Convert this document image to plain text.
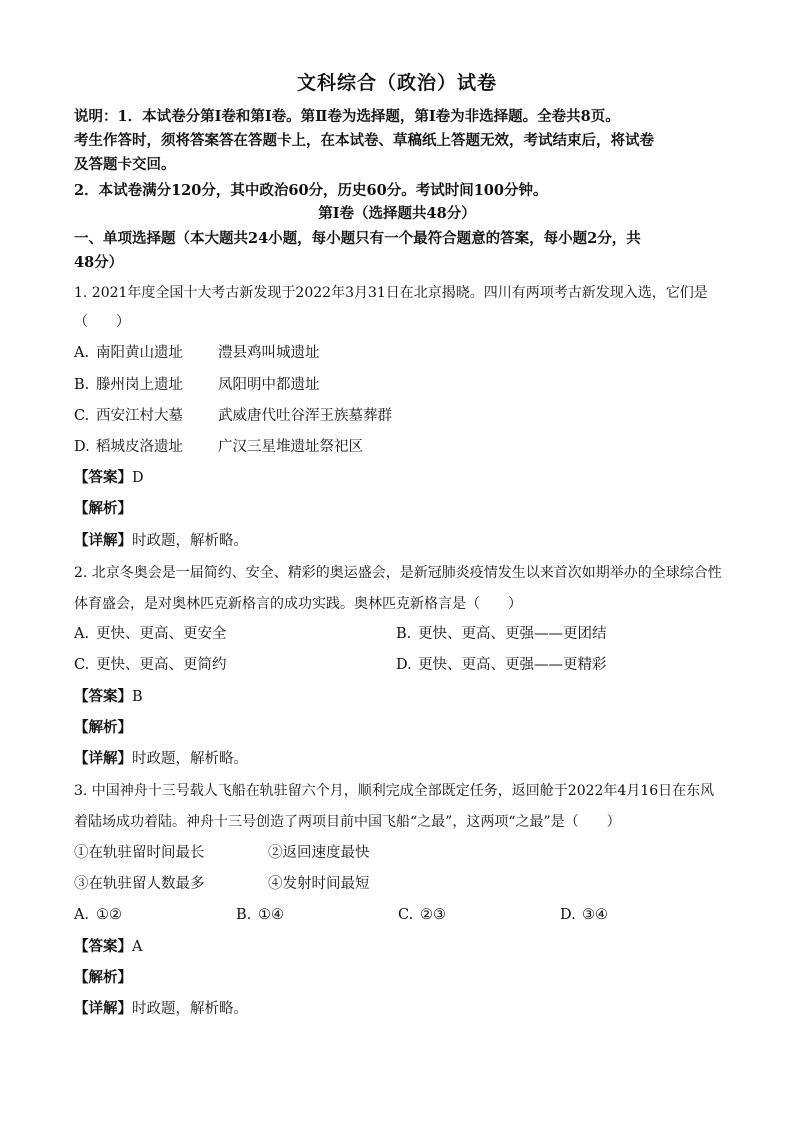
文科综合（政治）试卷
说明：1．本试卷分第Ⅰ卷和第Ⅰ卷。第Ⅱ卷为选择题，第Ⅰ卷为非选择题。全卷共8页。
考生作答时，须将答案答在答题卡上，在本试卷、草稿纸上答题无效，考试结束后，将试卷
及答题卡交回。
2．本试卷满分120分，其中政治60分，历史60分。考试时间100分钟。
第Ⅰ卷（选择题共48分）
一、单项选择题（本大题共24小题，每小题只有一个最符合题意的答案，每小题2分，共
48分）
1. 2021年度全国十大考古新发现于2022年3月31日在北京揭晓。四川有两项考古新发现入选，它们是
（　　）
A. 南阳黄山遗址 澧县鸡叫城遗址
B. 滕州岗上遗址 凤阳明中都遗址
C. 西安江村大墓 武威唐代吐谷浑王族墓葬群
D. 稻城皮洛遗址 广汉三星堆遗址祭祀区
【答案】D
【解析】
【详解】时政题，解析略。
2. 北京冬奥会是一届简约、安全、精彩的奥运盛会，是新冠肺炎疫情发生以来首次如期举办的全球综合性
体育盛会，是对奥林匹克新格言的成功实践。奥林匹克新格言是（　　）
A. 更快、更高、更安全	B. 更快、更高、更强——更团结
C. 更快、更高、更简约	D. 更快、更高、更强——更精彩
【答案】B
【解析】
【详解】时政题，解析略。
3. 中国神舟十三号载人飞船在轨驻留六个月，顺利完成全部既定任务，返回舱于2022年4月16日在东风
着陆场成功着陆。神舟十三号创造了两项目前中国飞船“之最”，这两项“之最”是（　　）
①在轨驻留时间最长	②返回速度最快
③在轨驻留人数最多	④发射时间最短
A. ①②	B. ①④	C. ②③	D. ③④
【答案】A
【解析】
【详解】时政题，解析略。
